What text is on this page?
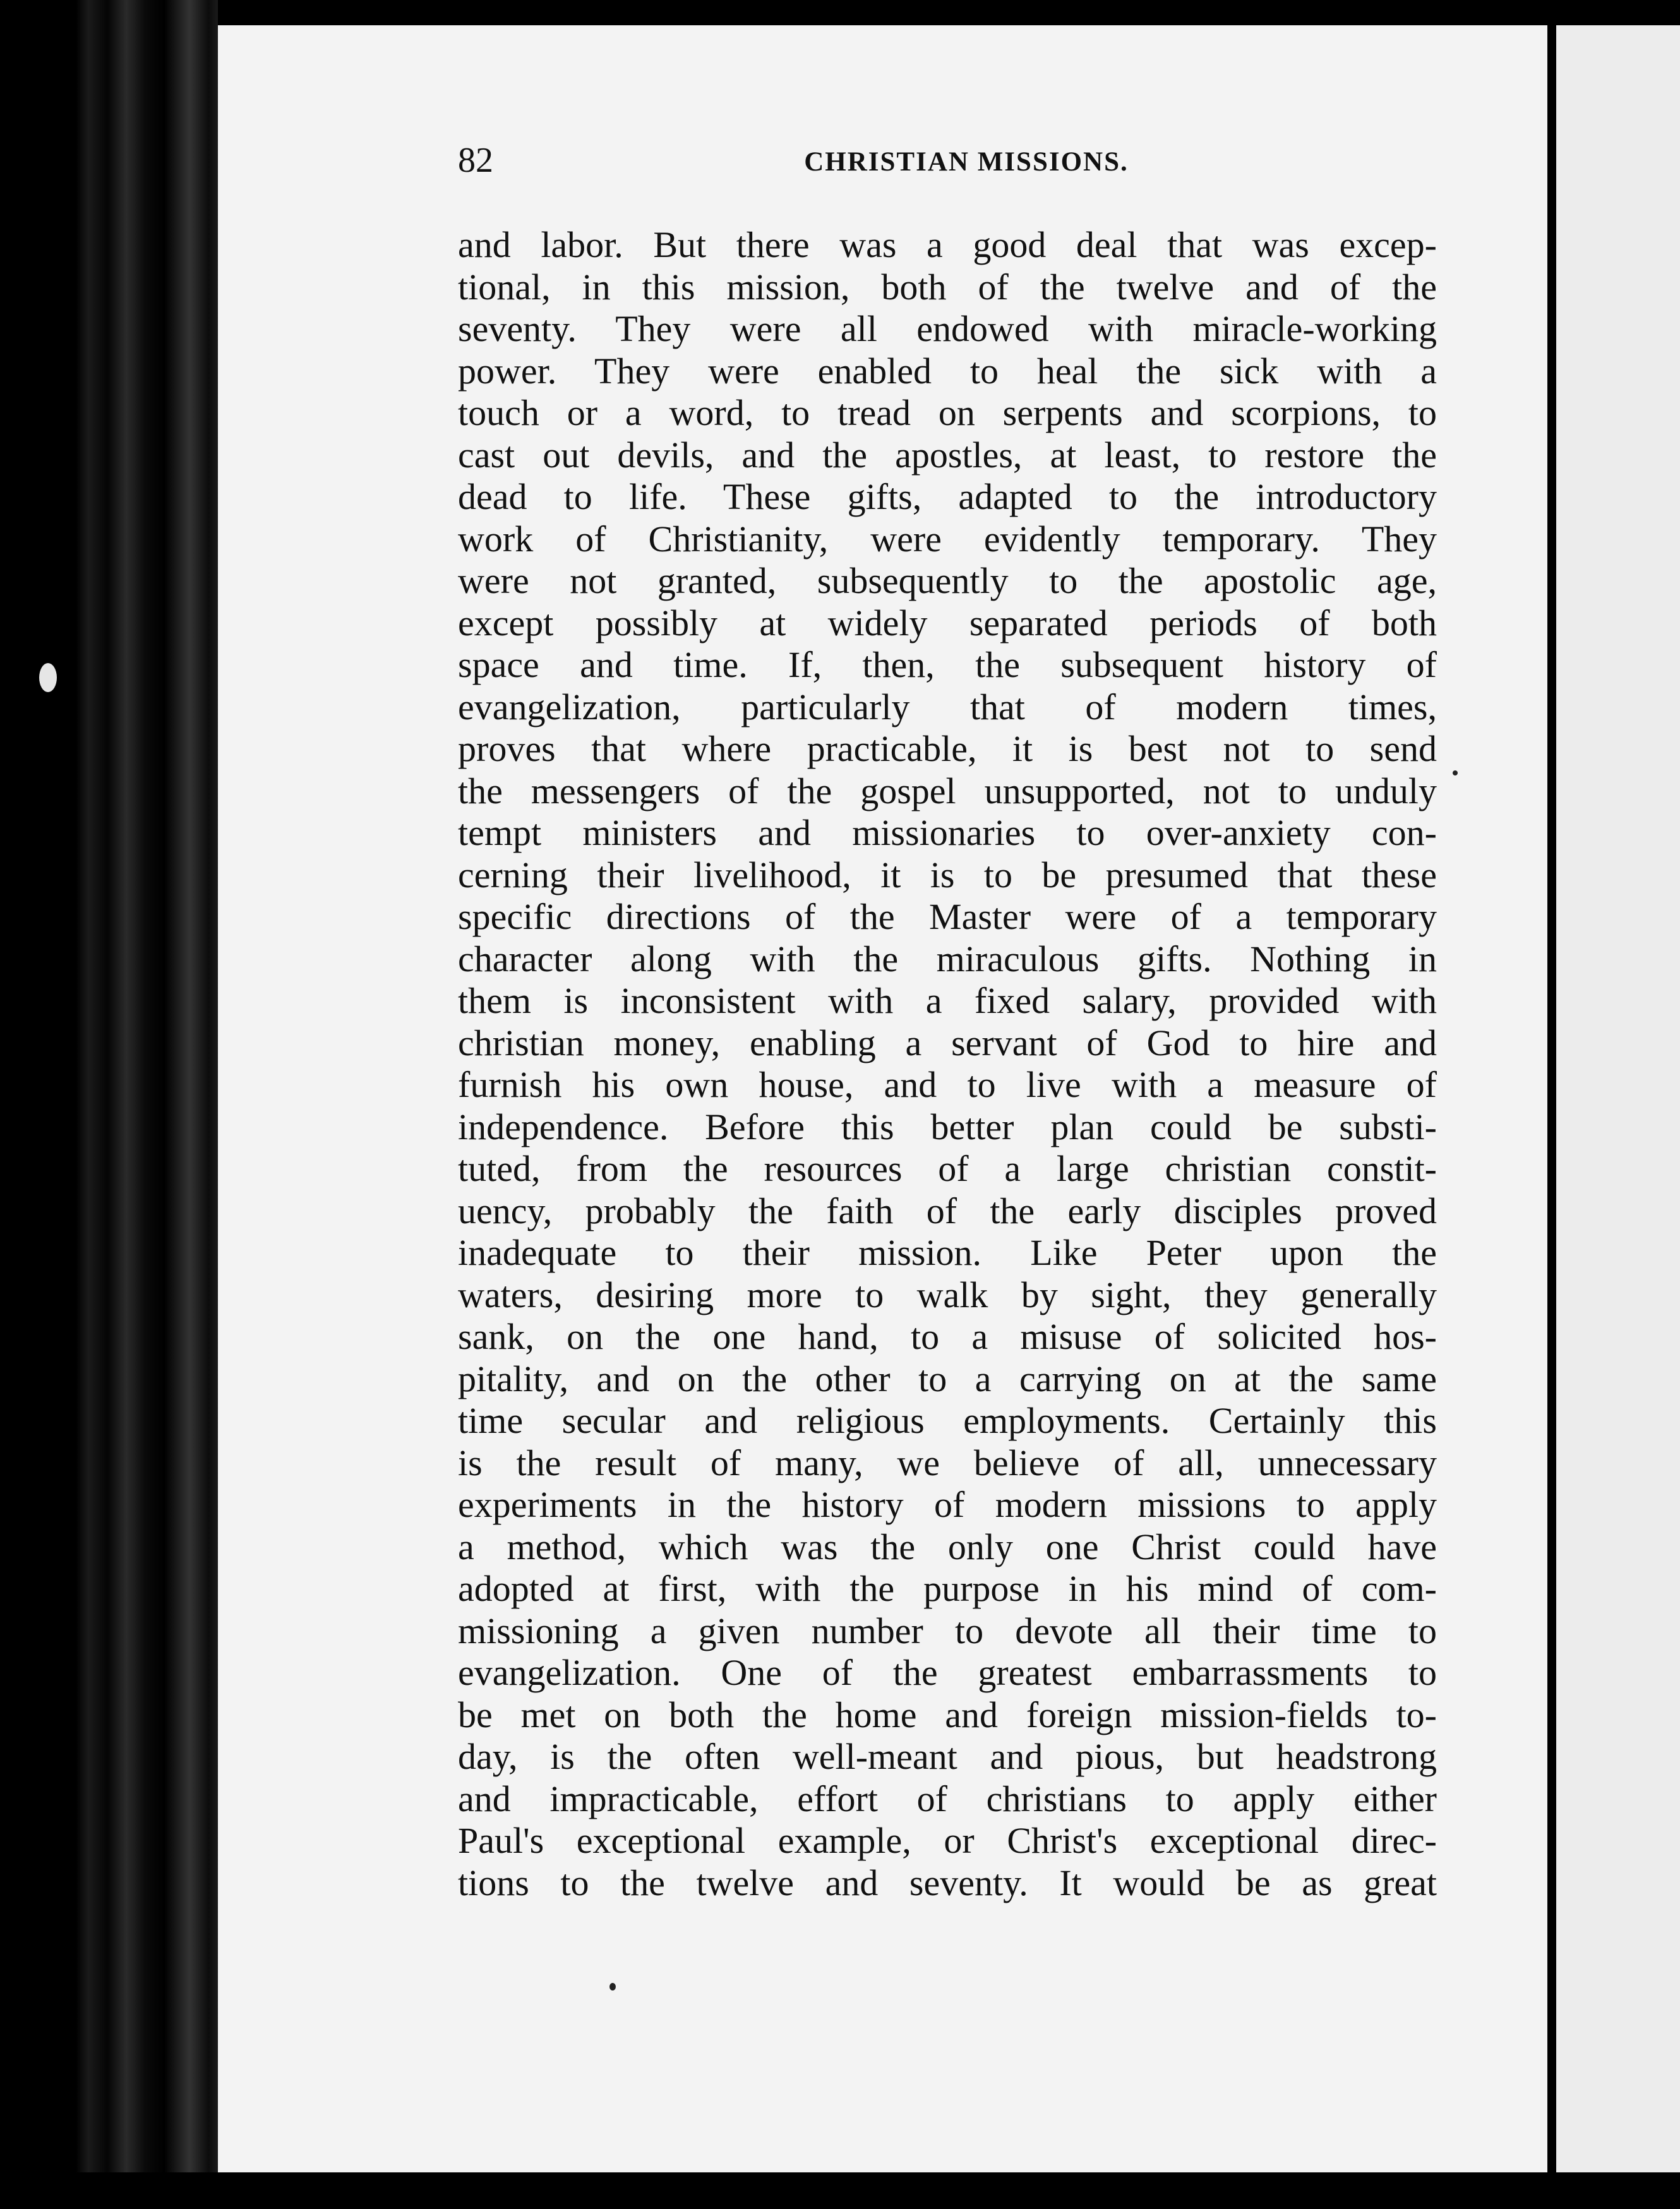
82	CHRISTIAN MISSIONS.
and labor. But there was a good deal that was excep-
tional, in this mission, both of the twelve and of the
seventy. They were all endowed with miracle-working
power. They were enabled to heal the sick with a
touch or a word, to tread on serpents and scorpions, to
cast out devils, and the apostles, at least, to restore the
dead to life. These gifts, adapted to the introductory
work of Christianity, were evidently temporary. They
were not granted, subsequently to the apostolic age,
except possibly at widely separated periods of both
space and time. If, then, the subsequent history of
evangelization, particularly that of modern times,
proves that where practicable, it is best not to send
the messengers of the gospel unsupported, not to unduly
tempt ministers and missionaries to over-anxiety con-
cerning their livelihood, it is to be presumed that these
specific directions of the Master were of a temporary
character along with the miraculous gifts. Nothing in
them is inconsistent with a fixed salary, provided with
christian money, enabling a servant of God to hire and
furnish his own house, and to live with a measure of
independence. Before this better plan could be substi-
tuted, from the resources of a large christian constit-
uency, probably the faith of the early disciples proved
inadequate to their mission. Like Peter upon the
waters, desiring more to walk by sight, they generally
sank, on the one hand, to a misuse of solicited hos-
pitality, and on the other to a carrying on at the same
time secular and religious employments. Certainly this
is the result of many, we believe of all, unnecessary
experiments in the history of modern missions to apply
a method, which was the only one Christ could have
adopted at first, with the purpose in his mind of com-
missioning a given number to devote all their time to
evangelization. One of the greatest embarrassments to
be met on both the home and foreign mission-fields to-
day, is the often well-meant and pious, but headstrong
and impracticable, effort of christians to apply either
Paul's exceptional example, or Christ's exceptional direc-
tions to the twelve and seventy. It would be as great
